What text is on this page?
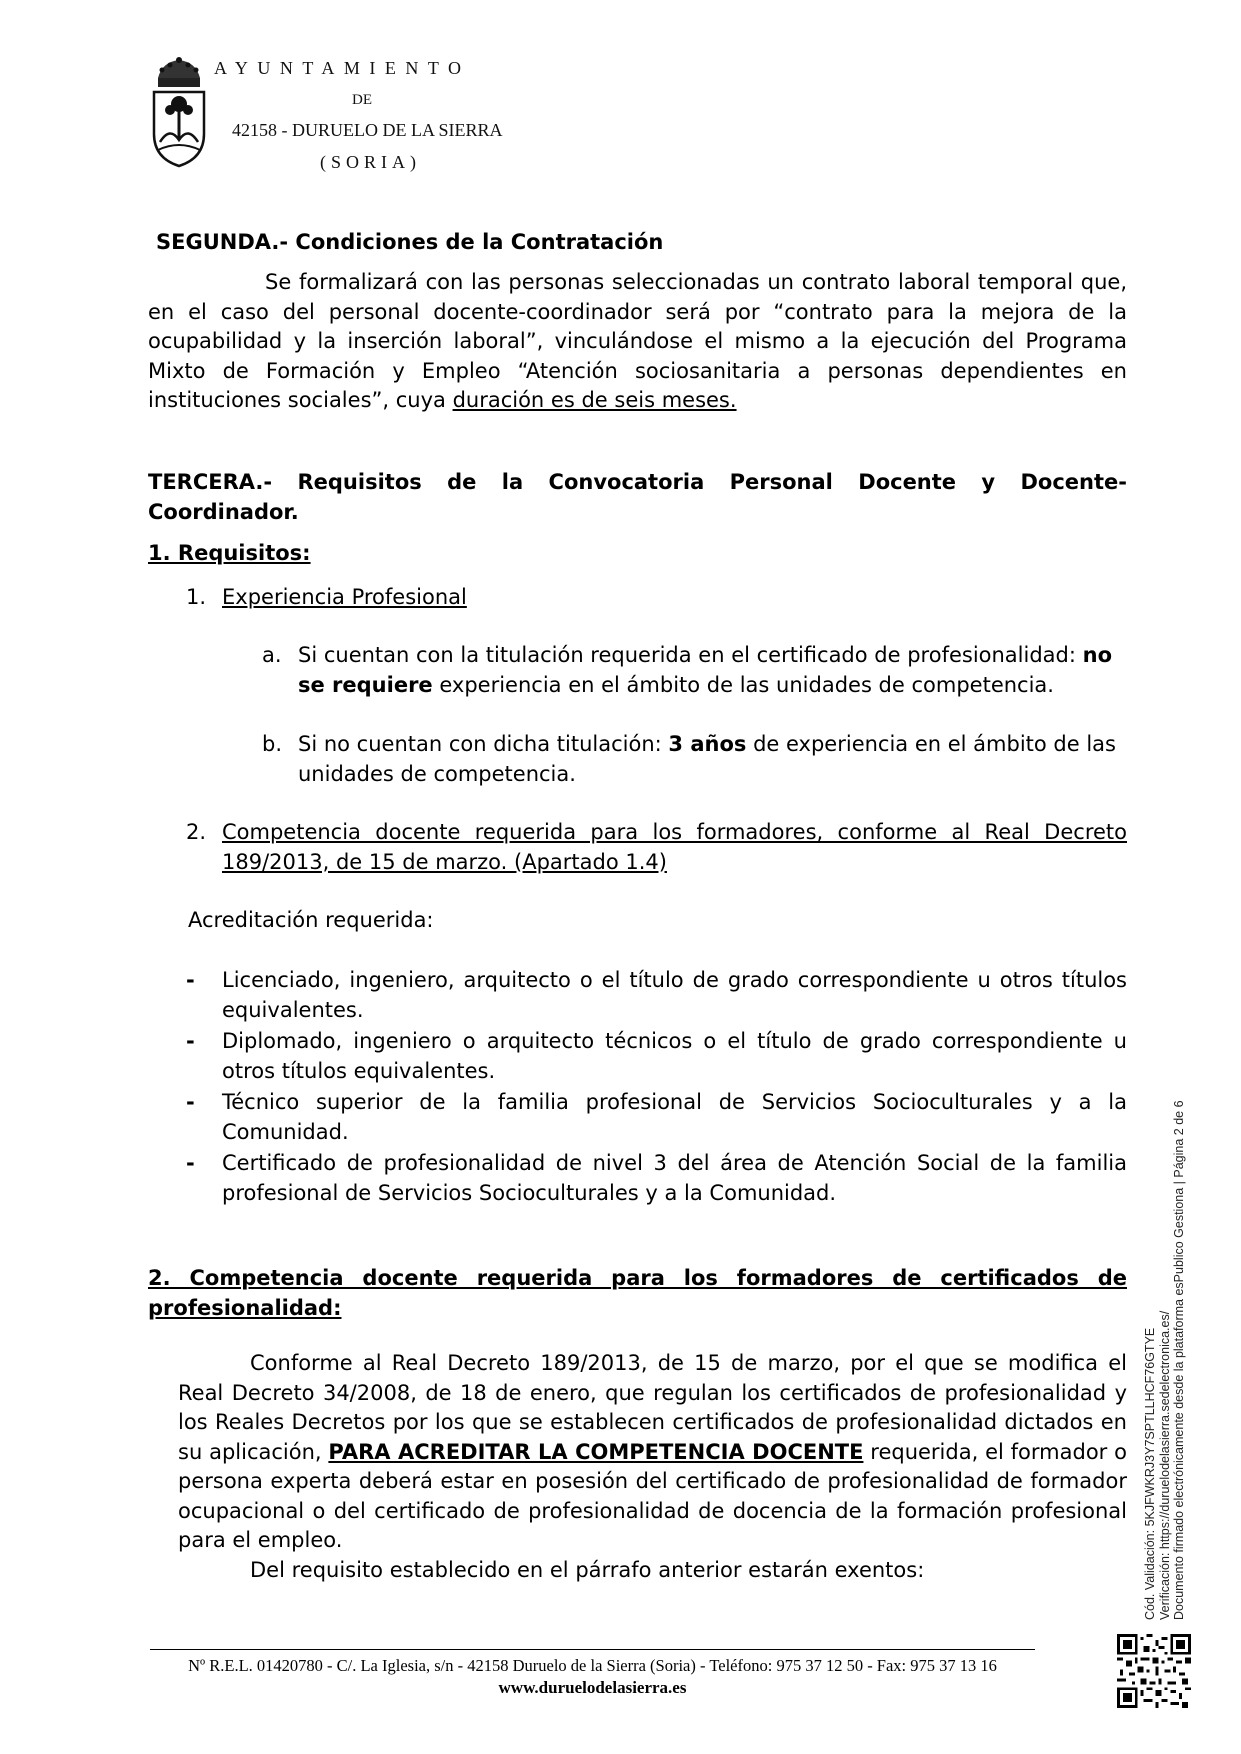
AYUNTAMIENTO
DE
42158 - DURUELO DE LA SIERRA
(SORIA)
SEGUNDA.- Condiciones de la Contratación
Se formalizará con las personas seleccionadas un contrato laboral temporal que, en el caso del personal docente-coordinador será por “contrato para la mejora de la ocupabilidad y la inserción laboral”, vinculándose el mismo a la ejecución del Programa Mixto de Formación y Empleo “Atención sociosanitaria a personas dependientes en instituciones sociales”, cuya duración es de seis meses.
TERCERA.- Requisitos de la Convocatoria Personal Docente y Docente-Coordinador.
1. Requisitos:
1. Experiencia Profesional
a. Si cuentan con la titulación requerida en el certificado de profesionalidad: no se requiere experiencia en el ámbito de las unidades de competencia.
b. Si no cuentan con dicha titulación: 3 años de experiencia en el ámbito de las unidades de competencia.
2. Competencia docente requerida para los formadores, conforme al Real Decreto 189/2013, de 15 de marzo. (Apartado 1.4)
Acreditación requerida:
- Licenciado, ingeniero, arquitecto o el título de grado correspondiente u otros títulos equivalentes.
- Diplomado, ingeniero o arquitecto técnicos o el título de grado correspondiente u otros títulos equivalentes.
- Técnico superior de la familia profesional de Servicios Socioculturales y a la Comunidad.
- Certificado de profesionalidad de nivel 3 del área de Atención Social de la familia profesional de Servicios Socioculturales y a la Comunidad.
2. Competencia docente requerida para los formadores de certificados de profesionalidad:
Conforme al Real Decreto 189/2013, de 15 de marzo, por el que se modifica el Real Decreto 34/2008, de 18 de enero, que regulan los certificados de profesionalidad y los Reales Decretos por los que se establecen certificados de profesionalidad dictados en su aplicación, PARA ACREDITAR LA COMPETENCIA DOCENTE requerida, el formador o persona experta deberá estar en posesión del certificado de profesionalidad de formador ocupacional o del certificado de profesionalidad de docencia de la formación profesional para el empleo.
Del requisito establecido en el párrafo anterior estarán exentos:
Nº R.E.L. 01420780 - C/. La Iglesia, s/n - 42158 Duruelo de la Sierra (Soria) - Teléfono: 975 37 12 50 - Fax: 975 37 13 16
www.duruelodelasierra.es
Cód. Validación: 5KJFWKRJ3Y7SPTLLHCF76GTYE Verificación: https://duruelodelasierra.sedelectronica.es/ Documento firmado electrónicamente desde la plataforma esPublico Gestiona | Página 2 de 6
